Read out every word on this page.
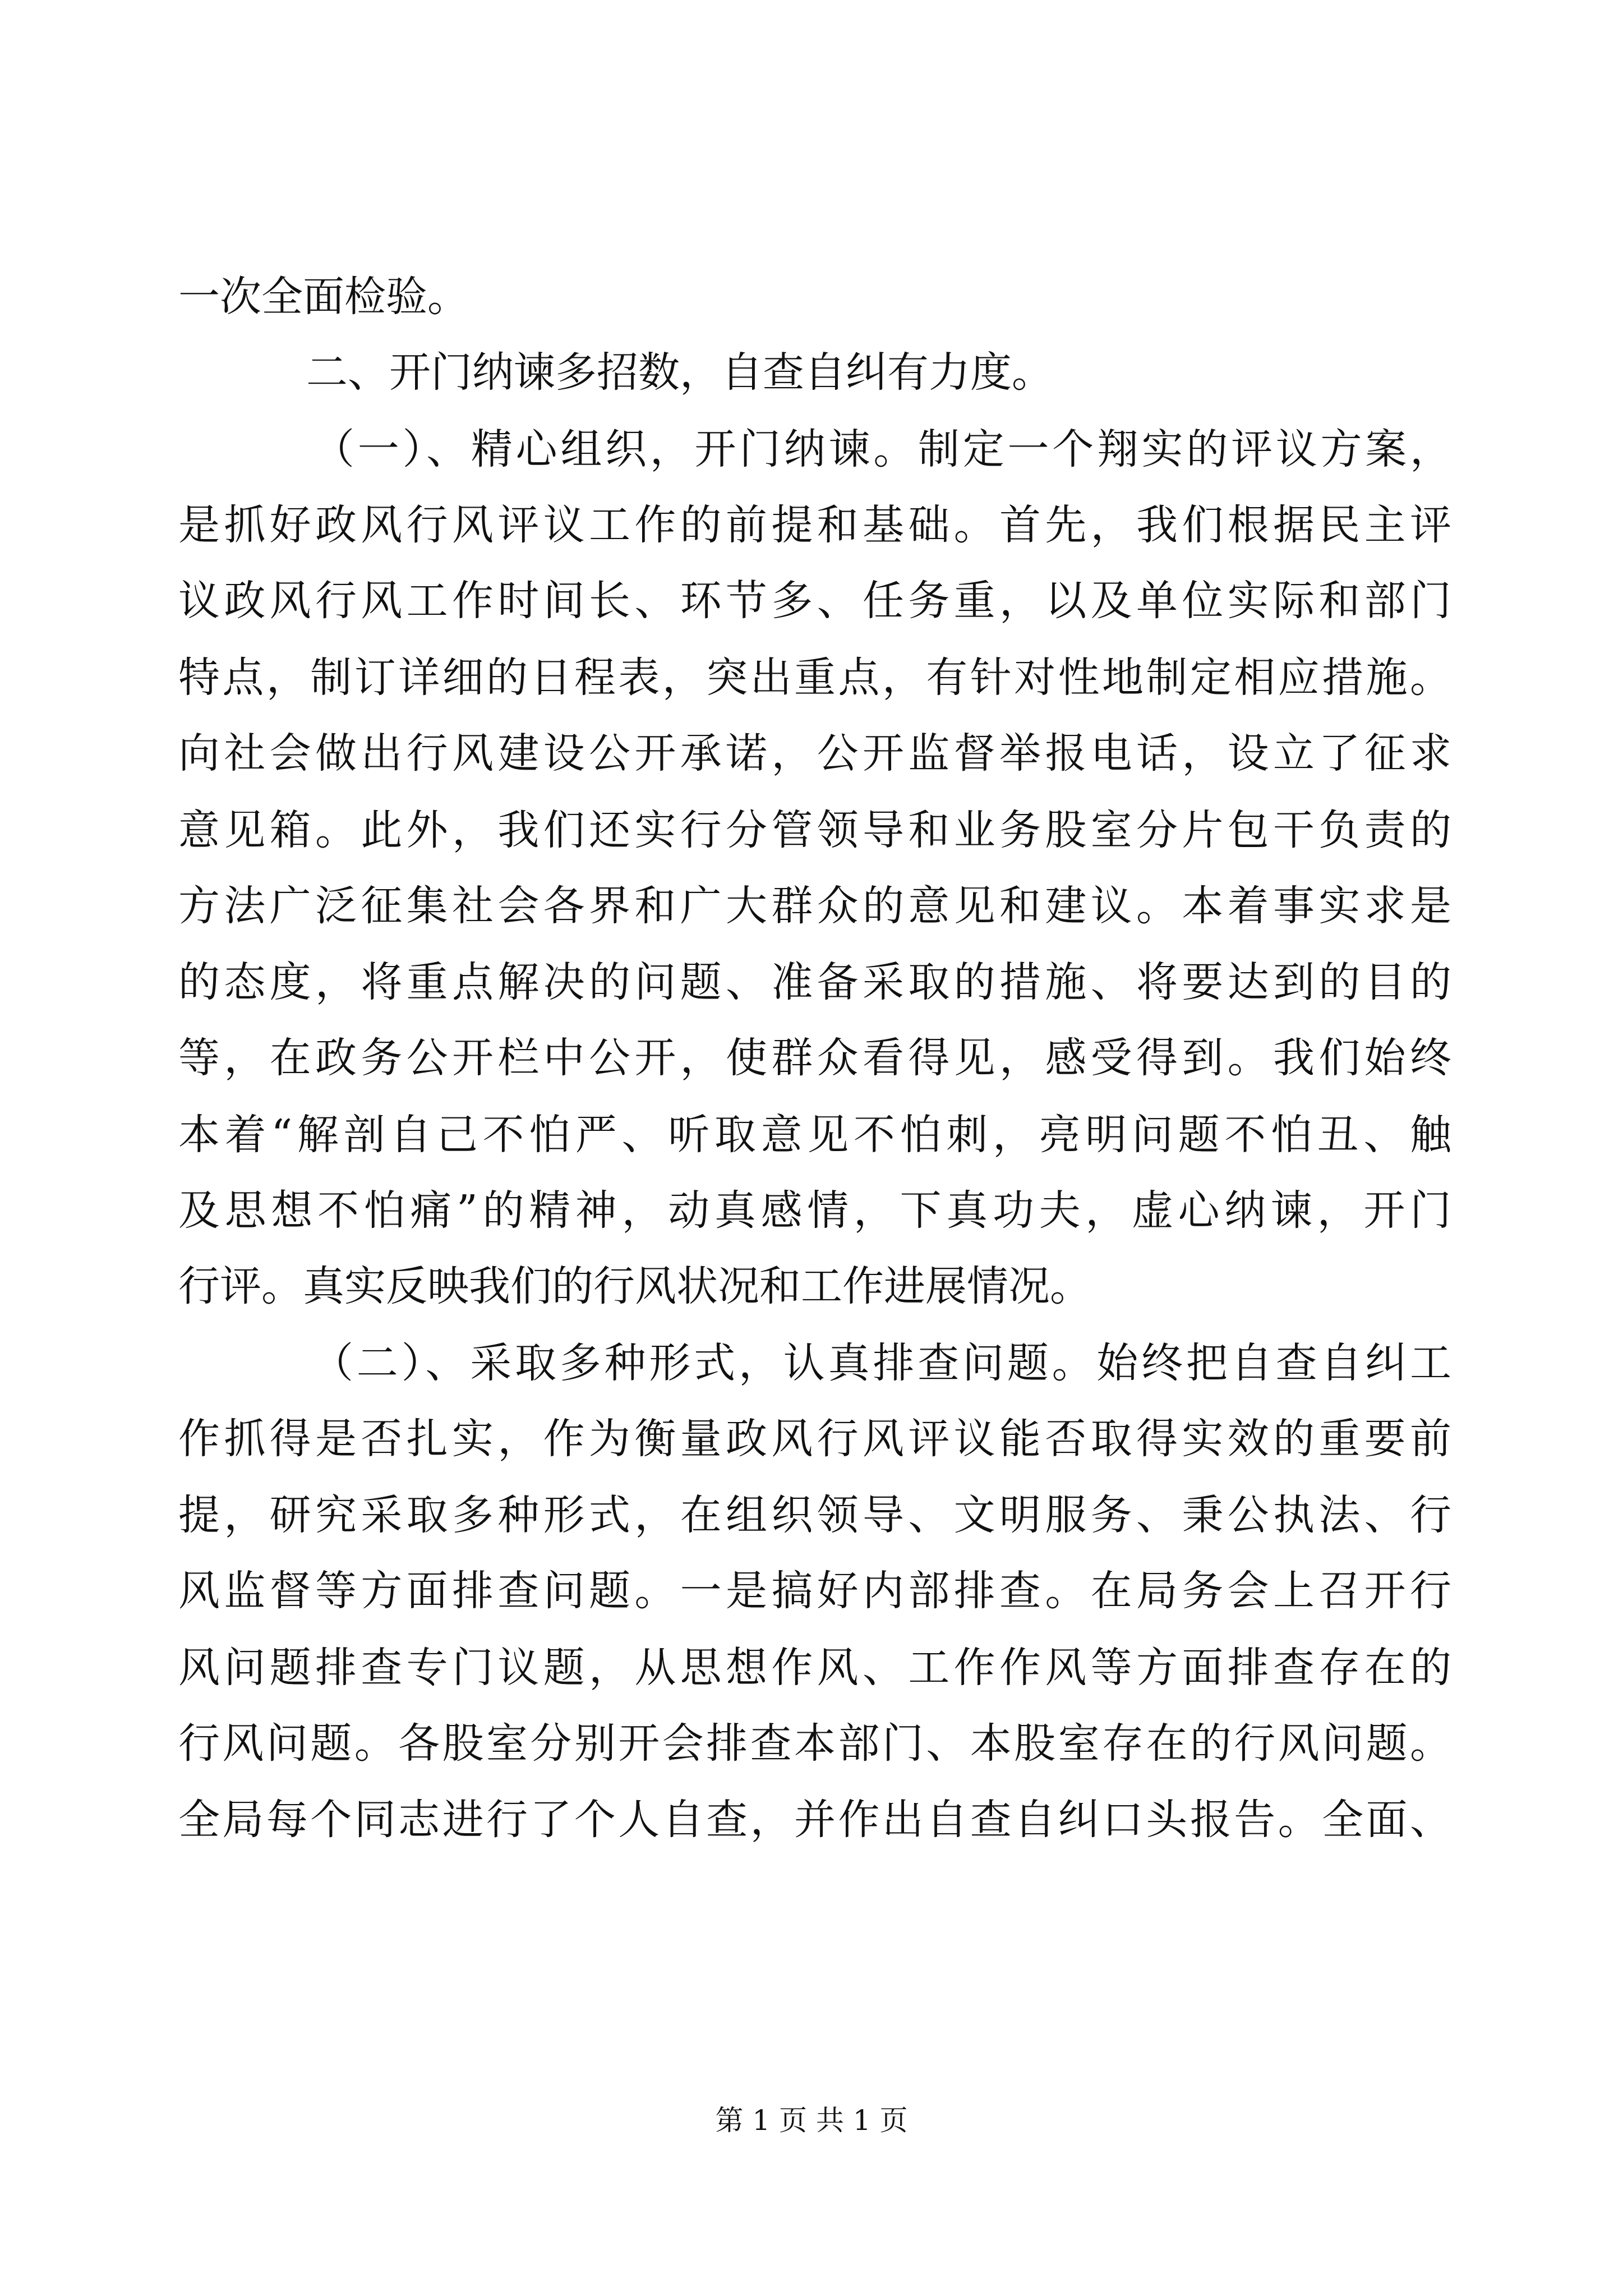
一次全面检验。
二、开门纳谏多招数，自查自纠有力度。
（一）、精心组织，开门纳谏。制定一个翔实的评议方案，
是抓好政风行风评议工作的前提和基础。首先，我们根据民主评
议政风行风工作时间长、环节多、任务重，以及单位实际和部门
特点，制订详细的日程表，突出重点，有针对性地制定相应措施。
向社会做出行风建设公开承诺，公开监督举报电话，设立了征求
意见箱。此外，我们还实行分管领导和业务股室分片包干负责的
方法广泛征集社会各界和广大群众的意见和建议。本着事实求是
的态度，将重点解决的问题、准备采取的措施、将要达到的目的
等，在政务公开栏中公开，使群众看得见，感受得到。我们始终
本着“解剖自己不怕严、听取意见不怕刺，亮明问题不怕丑、触
及思想不怕痛”的精神，动真感情，下真功夫，虚心纳谏，开门
行评。真实反映我们的行风状况和工作进展情况。
（二）、采取多种形式，认真排查问题。始终把自查自纠工
作抓得是否扎实，作为衡量政风行风评议能否取得实效的重要前
提，研究采取多种形式，在组织领导、文明服务、秉公执法、行
风监督等方面排查问题。一是搞好内部排查。在局务会上召开行
风问题排查专门议题，从思想作风、工作作风等方面排查存在的
行风问题。各股室分别开会排查本部门、本股室存在的行风问题。
全局每个同志进行了个人自查，并作出自查自纠口头报告。全面、
第 1 页 共 1 页
